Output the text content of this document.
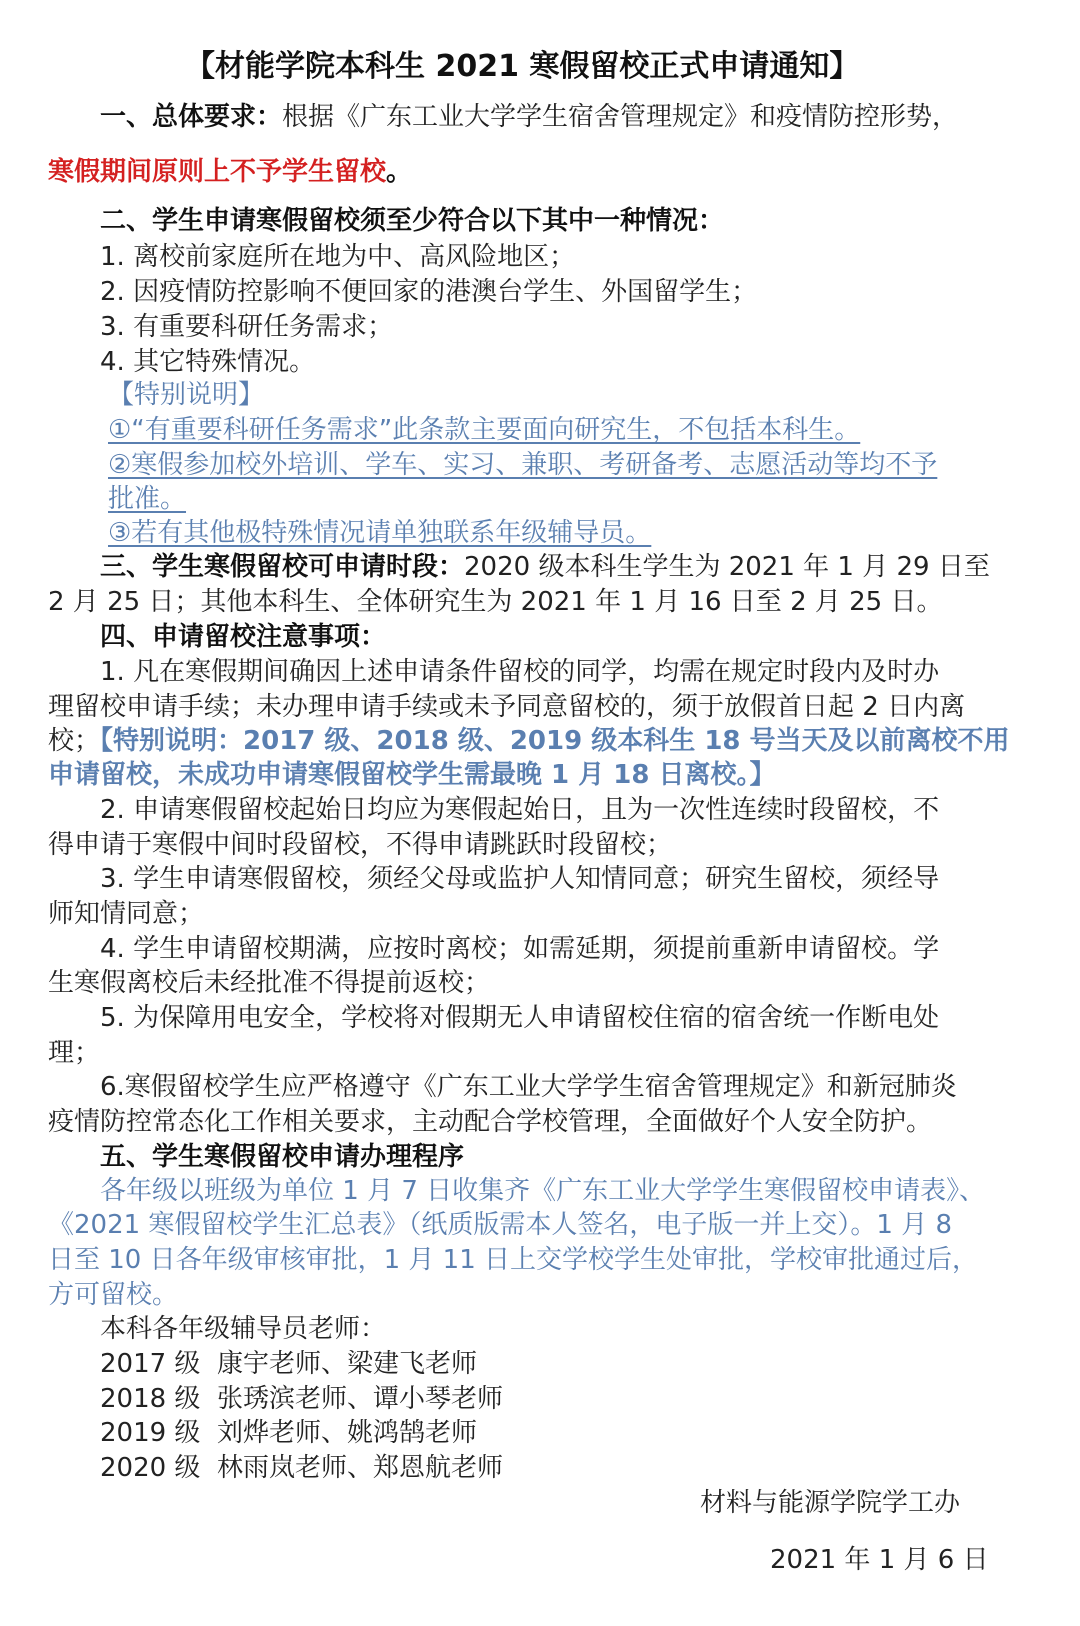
【材能学院本科生 2021 寒假留校正式申请通知】
一、总体要求：根据《广东工业大学学生宿舍管理规定》和疫情防控形势，
寒假期间原则上不予学生留校。
二、学生申请寒假留校须至少符合以下其中一种情况：
1. 离校前家庭所在地为中、高风险地区；
2. 因疫情防控影响不便回家的港澳台学生、外国留学生；
3. 有重要科研任务需求；
4. 其它特殊情况。
【特别说明】
①“有重要科研任务需求”此条款主要面向研究生，不包括本科生。
②寒假参加校外培训、学车、实习、兼职、考研备考、志愿活动等均不予
批准。
③若有其他极特殊情况请单独联系年级辅导员。
三、学生寒假留校可申请时段：2020 级本科生学生为 2021 年 1 月 29 日至
2 月 25 日；其他本科生、全体研究生为 2021 年 1 月 16 日至 2 月 25 日。
四、申请留校注意事项：
1. 凡在寒假期间确因上述申请条件留校的同学，均需在规定时段内及时办
理留校申请手续；未办理申请手续或未予同意留校的，须于放假首日起 2 日内离
校；【特别说明：2017 级、2018 级、2019 级本科生 18 号当天及以前离校不用
申请留校，未成功申请寒假留校学生需最晚 1 月 18 日离校。】
2. 申请寒假留校起始日均应为寒假起始日，且为一次性连续时段留校，不
得申请于寒假中间时段留校，不得申请跳跃时段留校；
3. 学生申请寒假留校，须经父母或监护人知情同意；研究生留校，须经导
师知情同意；
4. 学生申请留校期满，应按时离校；如需延期，须提前重新申请留校。学
生寒假离校后未经批准不得提前返校；
5. 为保障用电安全，学校将对假期无人申请留校住宿的宿舍统一作断电处
理；
6.寒假留校学生应严格遵守《广东工业大学学生宿舍管理规定》和新冠肺炎
疫情防控常态化工作相关要求，主动配合学校管理，全面做好个人安全防护。
五、学生寒假留校申请办理程序
各年级以班级为单位 1 月 7 日收集齐《广东工业大学学生寒假留校申请表》、
《2021 寒假留校学生汇总表》（纸质版需本人签名，电子版一并上交）。1 月 8
日至 10 日各年级审核审批，1 月 11 日上交学校学生处审批，学校审批通过后，
方可留校。
本科各年级辅导员老师：
2017 级  康宇老师、梁建飞老师
2018 级  张琇滨老师、谭小琴老师
2019 级  刘烨老师、姚鸿鹄老师
2020 级  林雨岚老师、郑恩航老师
材料与能源学院学工办
2021 年 1 月 6 日
